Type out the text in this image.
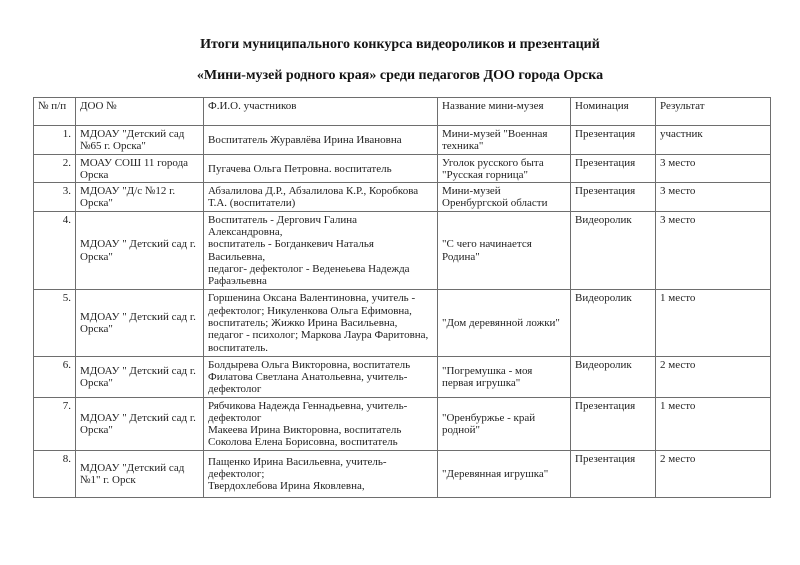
Итоги муниципального конкурса видеороликов и презентаций

«Мини-музей родного края» среди педагогов ДОО города Орска

№ п/п	ДОО №	Ф.И.О. участников	Название мини-музея	Номинация	Результат
1.	МДОАУ "Детский сад №65 г. Орска"	Воспитатель Журавлёва Ирина Ивановна	Мини-музей "Военная техника"	Презентация	участник
2.	МОАУ СОШ 11 города Орска	Пугачева Ольга Петровна. воспитатель	Уголок русского быта "Русская горница"	Презентация	3 место
3.	МДОАУ "Д/с №12 г. Орска"	Абзалилова Д.Р., Абзалилова К.Р., Коробкова Т.А. (воспитатели)	Мини-музей Оренбургской области	Презентация	3 место
4.	МДОАУ " Детский сад г. Орска"	Воспитатель - Дергович Галина Александровна,
воспитатель - Богданкевич Наталья Васильевна,
педагог- дефектолог - Веденеьева Надежда Рафаэльевна	"С чего начинается Родина"	Видеоролик	3 место
5.	МДОАУ " Детский сад г. Орска"	Горшенина Оксана Валентиновна, учитель - дефектолог; Никуленкова Ольга Ефимовна, воспитатель; Жижко Ирина Васильевна, педагог - психолог; Маркова Лаура Фаритовна, воспитатель.	"Дом деревянной ложки"	Видеоролик	1 место
6.	МДОАУ " Детский сад г. Орска"	Болдырева Ольга Викторовна, воспитатель
Филатова Светлана Анатольевна, учитель-дефектолог	"Погремушка - моя первая игрушка"	Видеоролик	2 место
7.	МДОАУ " Детский сад г. Орска"	Рябчикова Надежда Геннадьевна, учитель-дефектолог
Макеева Ирина Викторовна, воспитатель
Соколова Елена Борисовна, воспитатель	"Оренбуржье - край родной"	Презентация	1 место
8.	МДОАУ "Детский сад №1" г. Орск	Пащенко Ирина Васильевна, учитель-дефектолог;
Твердохлебова Ирина Яковлевна,	"Деревянная игрушка"	Презентация	2 место
